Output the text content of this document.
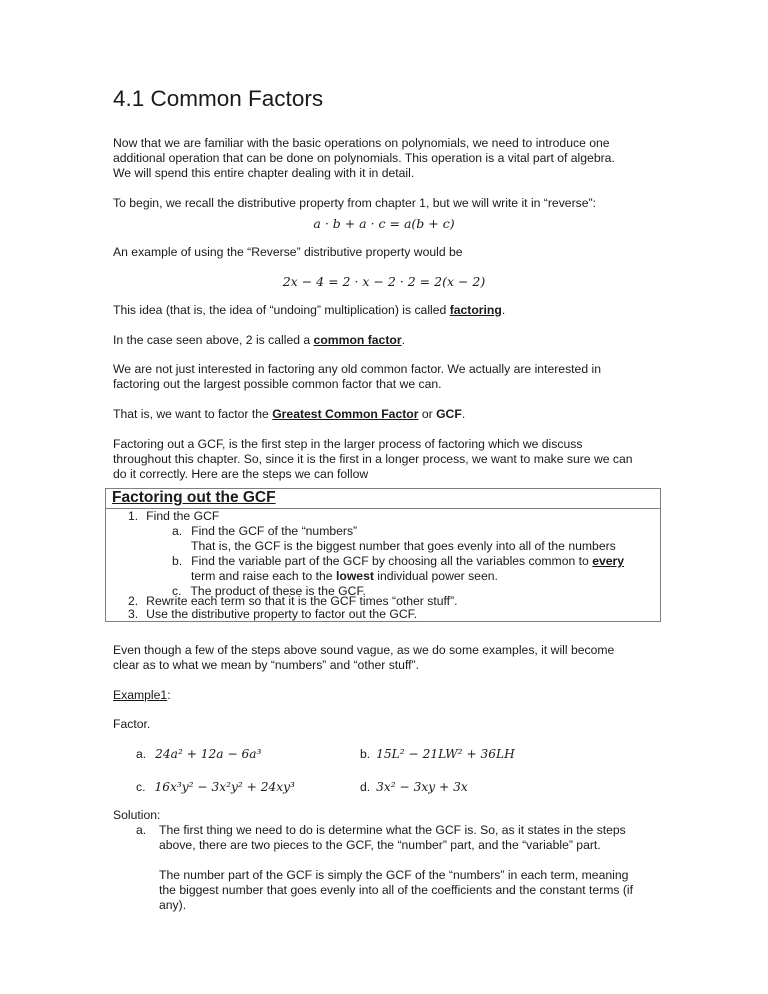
4.1 Common Factors

Now that we are familiar with the basic operations on polynomials, we need to introduce one

additional operation that can be done on polynomials. This operation is a vital part of algebra.

We will spend this entire chapter dealing with it in detail.

To begin, we recall the distributive property from chapter 1, but we will write it in “reverse”:

a · b + a · c = a(b + c)

An example of using the “Reverse” distributive property would be

2x − 4 = 2 · x − 2 · 2 = 2(x − 2)

This idea (that is, the idea of “undoing” multiplication) is called factoring.

In the case seen above, 2 is called a common factor.

We are not just interested in factoring any old common factor. We actually are interested in

factoring out the largest possible common factor that we can.

That is, we want to factor the Greatest Common Factor or GCF.

Factoring out a GCF, is the first step in the larger process of factoring which we discuss

throughout this chapter. So, since it is the first in a longer process, we want to make sure we can

do it correctly. Here are the steps we can follow

Factoring out the GCF
1. Find the GCF
a. Find the GCF of the “numbers”
That is, the GCF is the biggest number that goes evenly into all of the numbers
b. Find the variable part of the GCF by choosing all the variables common to every
term and raise each to the lowest individual power seen.
c. The product of these is the GCF.
2. Rewrite each term so that it is the GCF times “other stuff”.
3. Use the distributive property to factor out the GCF.

Even though a few of the steps above sound vague, as we do some examples, it will become

clear as to what we mean by “numbers” and “other stuff”.

Example1:

Factor.

a. 24a² + 12a − 6a³	b. 15L² − 21LW² + 36LH
c. 16x³y² − 3x²y² + 24xy³	d. 3x² − 3xy + 3x

Solution:

a. The first thing we need to do is determine what the GCF is. So, as it states in the steps

above, there are two pieces to the GCF, the “number” part, and the “variable” part.

The number part of the GCF is simply the GCF of the “numbers” in each term, meaning

the biggest number that goes evenly into all of the coefficients and the constant terms (if

any).
